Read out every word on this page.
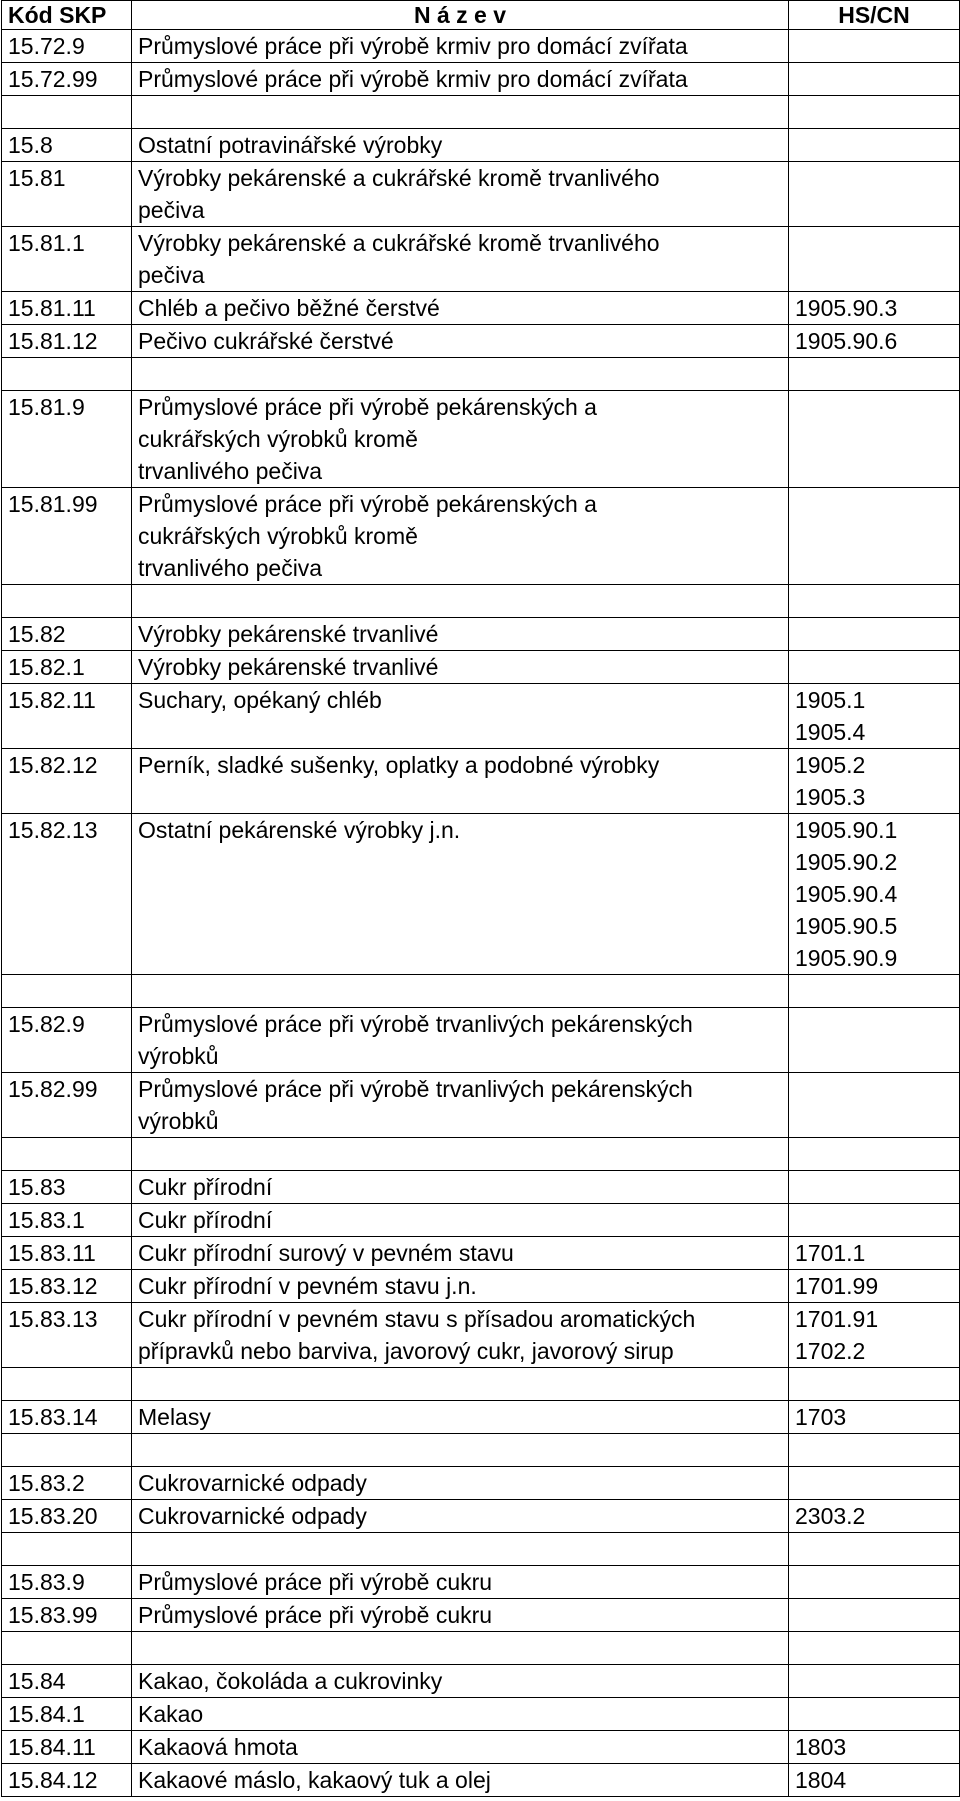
Kód SKP	N á z e v	HS/CN
15.72.9	Průmyslové práce při výrobě krmiv pro domácí zvířata	
15.72.99	Průmyslové práce při výrobě krmiv pro domácí zvířata	

15.8	Ostatní potravinářské výrobky	
15.81	Výrobky pekárenské a cukrářské kromě trvanlivého
pečiva	
15.81.1	Výrobky pekárenské a cukrářské kromě trvanlivého
pečiva	
15.81.11	Chléb a pečivo běžné čerstvé	1905.90.3
15.81.12	Pečivo cukrářské čerstvé	1905.90.6

15.81.9	Průmyslové práce při výrobě pekárenských a
cukrářských výrobků kromě
trvanlivého pečiva	
15.81.99	Průmyslové práce při výrobě pekárenských a
cukrářských výrobků kromě
trvanlivého pečiva	

15.82	Výrobky pekárenské trvanlivé	
15.82.1	Výrobky pekárenské trvanlivé	
15.82.11	Suchary, opékaný chléb	1905.1
1905.4
15.82.12	Perník, sladké sušenky, oplatky a podobné výrobky	1905.2
1905.3
15.82.13	Ostatní pekárenské výrobky j.n.	1905.90.1
1905.90.2
1905.90.4
1905.90.5
1905.90.9

15.82.9	Průmyslové práce při výrobě trvanlivých pekárenských
výrobků	
15.82.99	Průmyslové práce při výrobě trvanlivých pekárenských
výrobků	

15.83	Cukr přírodní	
15.83.1	Cukr přírodní	
15.83.11	Cukr přírodní surový v pevném stavu	1701.1
15.83.12	Cukr přírodní v pevném stavu j.n.	1701.99
15.83.13	Cukr přírodní v pevném stavu s přísadou aromatických
přípravků nebo barviva, javorový cukr, javorový sirup	1701.91
1702.2

15.83.14	Melasy	1703

15.83.2	Cukrovarnické odpady	
15.83.20	Cukrovarnické odpady	2303.2

15.83.9	Průmyslové práce při výrobě cukru	
15.83.99	Průmyslové práce při výrobě cukru	

15.84	Kakao, čokoláda a cukrovinky	
15.84.1	Kakao	
15.84.11	Kakaová hmota	1803
15.84.12	Kakaové máslo, kakaový tuk a olej	1804
